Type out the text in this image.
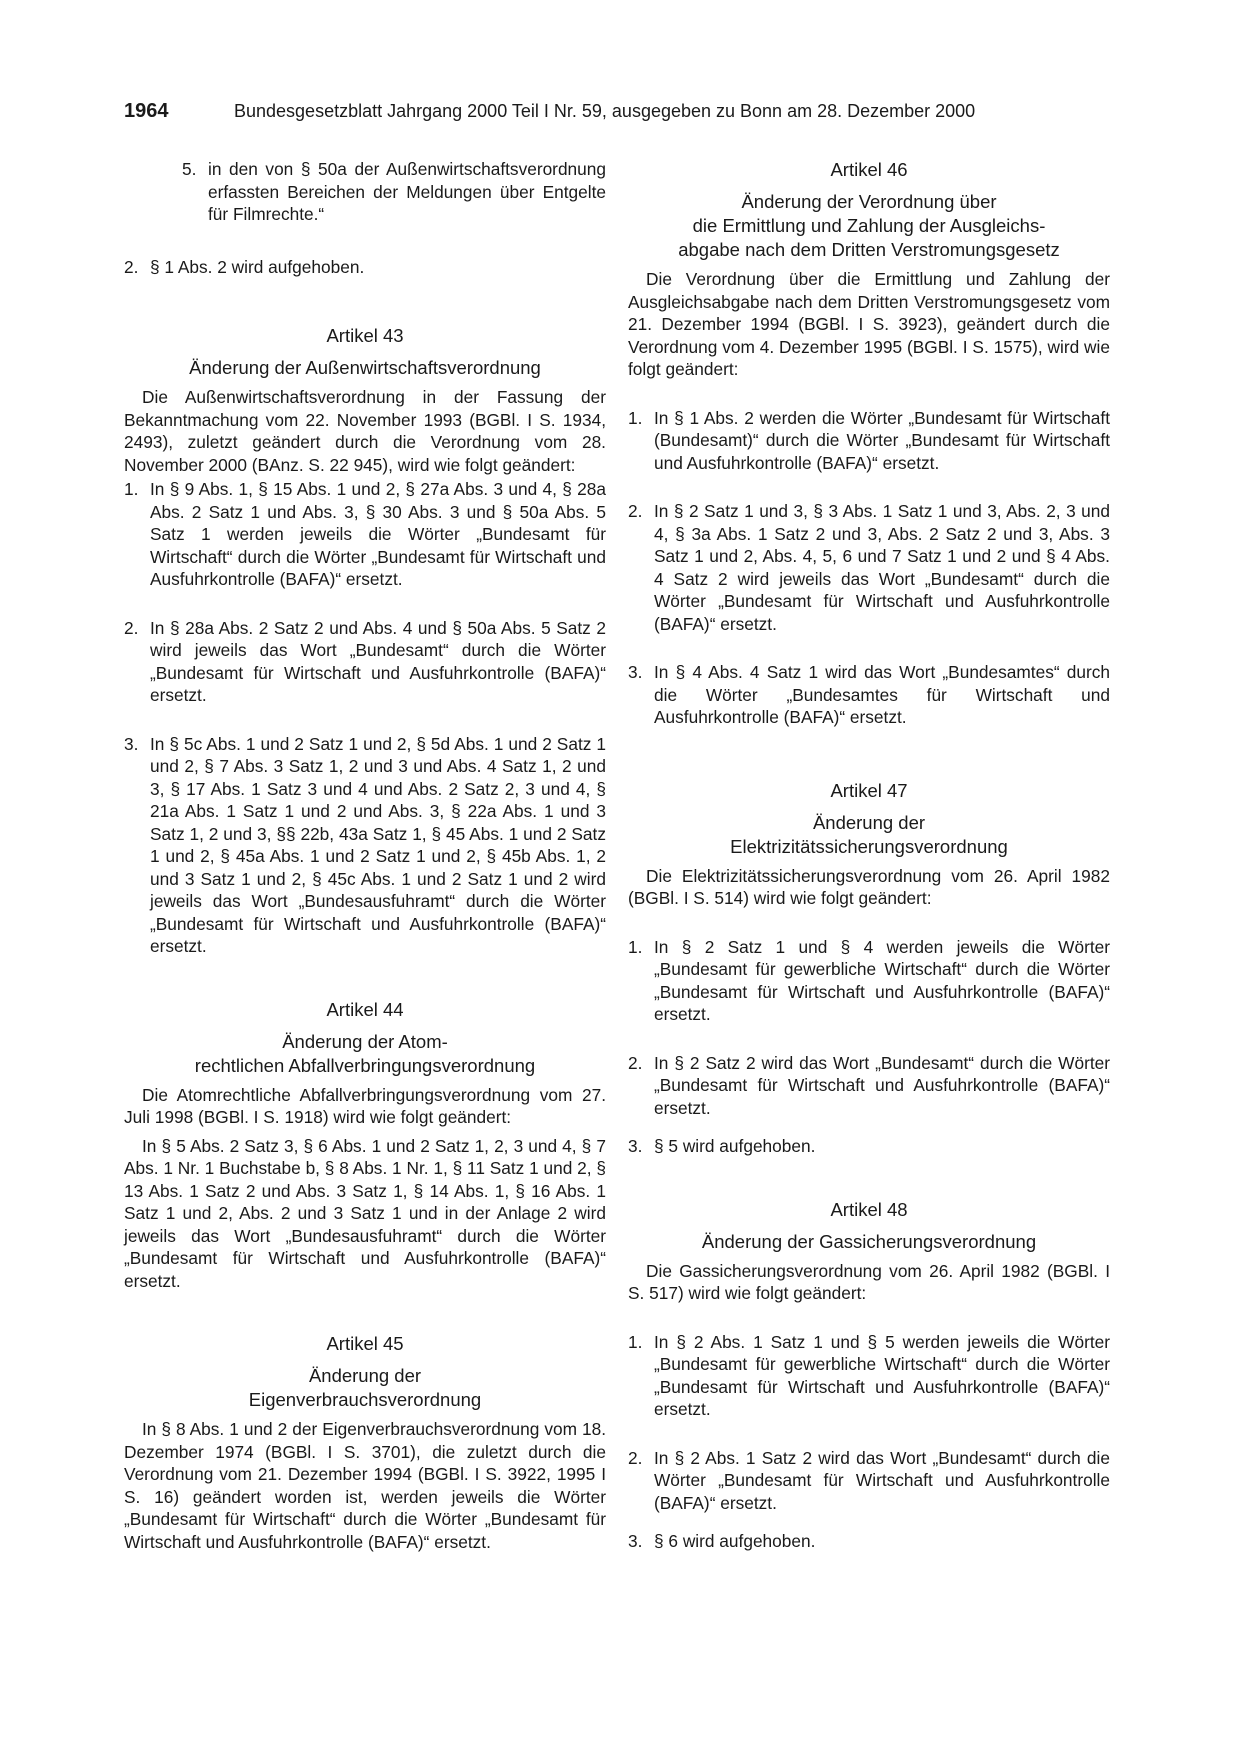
1964	Bundesgesetzblatt Jahrgang 2000 Teil I Nr. 59, ausgegeben zu Bonn am 28. Dezember 2000
5. in den von § 50a der Außenwirtschaftsverordnung erfassten Bereichen der Meldungen über Entgelte für Filmrechte.“
2. § 1 Abs. 2 wird aufgehoben.
Artikel 43
Änderung der Außenwirtschaftsverordnung

Die Außenwirtschaftsverordnung in der Fassung der Bekanntmachung vom 22. November 1993 (BGBl. I S. 1934, 2493), zuletzt geändert durch die Verordnung vom 28. November 2000 (BAnz. S. 22 945), wird wie folgt geändert:

1. In § 9 Abs. 1, § 15 Abs. 1 und 2, § 27a Abs. 3 und 4, § 28a Abs. 2 Satz 1 und Abs. 3, § 30 Abs. 3 und § 50a Abs. 5 Satz 1 werden jeweils die Wörter „Bundesamt für Wirtschaft“ durch die Wörter „Bundesamt für Wirtschaft und Ausfuhrkontrolle (BAFA)“ ersetzt.
2. In § 28a Abs. 2 Satz 2 und Abs. 4 und § 50a Abs. 5 Satz 2 wird jeweils das Wort „Bundesamt“ durch die Wörter „Bundesamt für Wirtschaft und Ausfuhrkontrolle (BAFA)“ ersetzt.
3. In § 5c Abs. 1 und 2 Satz 1 und 2, § 5d Abs. 1 und 2 Satz 1 und 2, § 7 Abs. 3 Satz 1, 2 und 3 und Abs. 4 Satz 1, 2 und 3, § 17 Abs. 1 Satz 3 und 4 und Abs. 2 Satz 2, 3 und 4, § 21a Abs. 1 Satz 1 und 2 und Abs. 3, § 22a Abs. 1 und 3 Satz 1, 2 und 3, §§ 22b, 43a Satz 1, § 45 Abs. 1 und 2 Satz 1 und 2, § 45a Abs. 1 und 2 Satz 1 und 2, § 45b Abs. 1, 2 und 3 Satz 1 und 2, § 45c Abs. 1 und 2 Satz 1 und 2 wird jeweils das Wort „Bundesausfuhramt“ durch die Wörter „Bundesamt für Wirtschaft und Ausfuhrkontrolle (BAFA)“ ersetzt.
Artikel 44
Änderung der Atom-
rechtlichen Abfallverbringungsverordnung

Die Atomrechtliche Abfallverbringungsverordnung vom 27. Juli 1998 (BGBl. I S. 1918) wird wie folgt geändert:

In § 5 Abs. 2 Satz 3, § 6 Abs. 1 und 2 Satz 1, 2, 3 und 4, § 7 Abs. 1 Nr. 1 Buchstabe b, § 8 Abs. 1 Nr. 1, § 11 Satz 1 und 2, § 13 Abs. 1 Satz 2 und Abs. 3 Satz 1, § 14 Abs. 1, § 16 Abs. 1 Satz 1 und 2, Abs. 2 und 3 Satz 1 und in der Anlage 2 wird jeweils das Wort „Bundesausfuhramt“ durch die Wörter „Bundesamt für Wirtschaft und Ausfuhrkontrolle (BAFA)“ ersetzt.

Artikel 45
Änderung der
Eigenverbrauchsverordnung

In § 8 Abs. 1 und 2 der Eigenverbrauchsverordnung vom 18. Dezember 1974 (BGBl. I S. 3701), die zuletzt durch die Verordnung vom 21. Dezember 1994 (BGBl. I S. 3922, 1995 I S. 16) geändert worden ist, werden jeweils die Wörter „Bundesamt für Wirtschaft“ durch die Wörter „Bundesamt für Wirtschaft und Ausfuhrkontrolle (BAFA)“ ersetzt.

Artikel 46
Änderung der Verordnung über
die Ermittlung und Zahlung der Ausgleichs-
abgabe nach dem Dritten Verstromungsgesetz

Die Verordnung über die Ermittlung und Zahlung der Ausgleichsabgabe nach dem Dritten Verstromungsgesetz vom 21. Dezember 1994 (BGBl. I S. 3923), geändert durch die Verordnung vom 4. Dezember 1995 (BGBl. I S. 1575), wird wie folgt geändert:

1. In § 1 Abs. 2 werden die Wörter „Bundesamt für Wirtschaft (Bundesamt)“ durch die Wörter „Bundesamt für Wirtschaft und Ausfuhrkontrolle (BAFA)“ ersetzt.
2. In § 2 Satz 1 und 3, § 3 Abs. 1 Satz 1 und 3, Abs. 2, 3 und 4, § 3a Abs. 1 Satz 2 und 3, Abs. 2 Satz 2 und 3, Abs. 3 Satz 1 und 2, Abs. 4, 5, 6 und 7 Satz 1 und 2 und § 4 Abs. 4 Satz 2 wird jeweils das Wort „Bundesamt“ durch die Wörter „Bundesamt für Wirtschaft und Ausfuhrkontrolle (BAFA)“ ersetzt.
3. In § 4 Abs. 4 Satz 1 wird das Wort „Bundesamtes“ durch die Wörter „Bundesamtes für Wirtschaft und Ausfuhrkontrolle (BAFA)“ ersetzt.
Artikel 47
Änderung der
Elektrizitätssicherungsverordnung

Die Elektrizitätssicherungsverordnung vom 26. April 1982 (BGBl. I S. 514) wird wie folgt geändert:

1. In § 2 Satz 1 und § 4 werden jeweils die Wörter „Bundesamt für gewerbliche Wirtschaft“ durch die Wörter „Bundesamt für Wirtschaft und Ausfuhrkontrolle (BAFA)“ ersetzt.
2. In § 2 Satz 2 wird das Wort „Bundesamt“ durch die Wörter „Bundesamt für Wirtschaft und Ausfuhrkontrolle (BAFA)“ ersetzt.
3. § 5 wird aufgehoben.
Artikel 48
Änderung der Gassicherungsverordnung

Die Gassicherungsverordnung vom 26. April 1982 (BGBl. I S. 517) wird wie folgt geändert:

1. In § 2 Abs. 1 Satz 1 und § 5 werden jeweils die Wörter „Bundesamt für gewerbliche Wirtschaft“ durch die Wörter „Bundesamt für Wirtschaft und Ausfuhrkontrolle (BAFA)“ ersetzt.
2. In § 2 Abs. 1 Satz 2 wird das Wort „Bundesamt“ durch die Wörter „Bundesamt für Wirtschaft und Ausfuhrkontrolle (BAFA)“ ersetzt.
3. § 6 wird aufgehoben.
